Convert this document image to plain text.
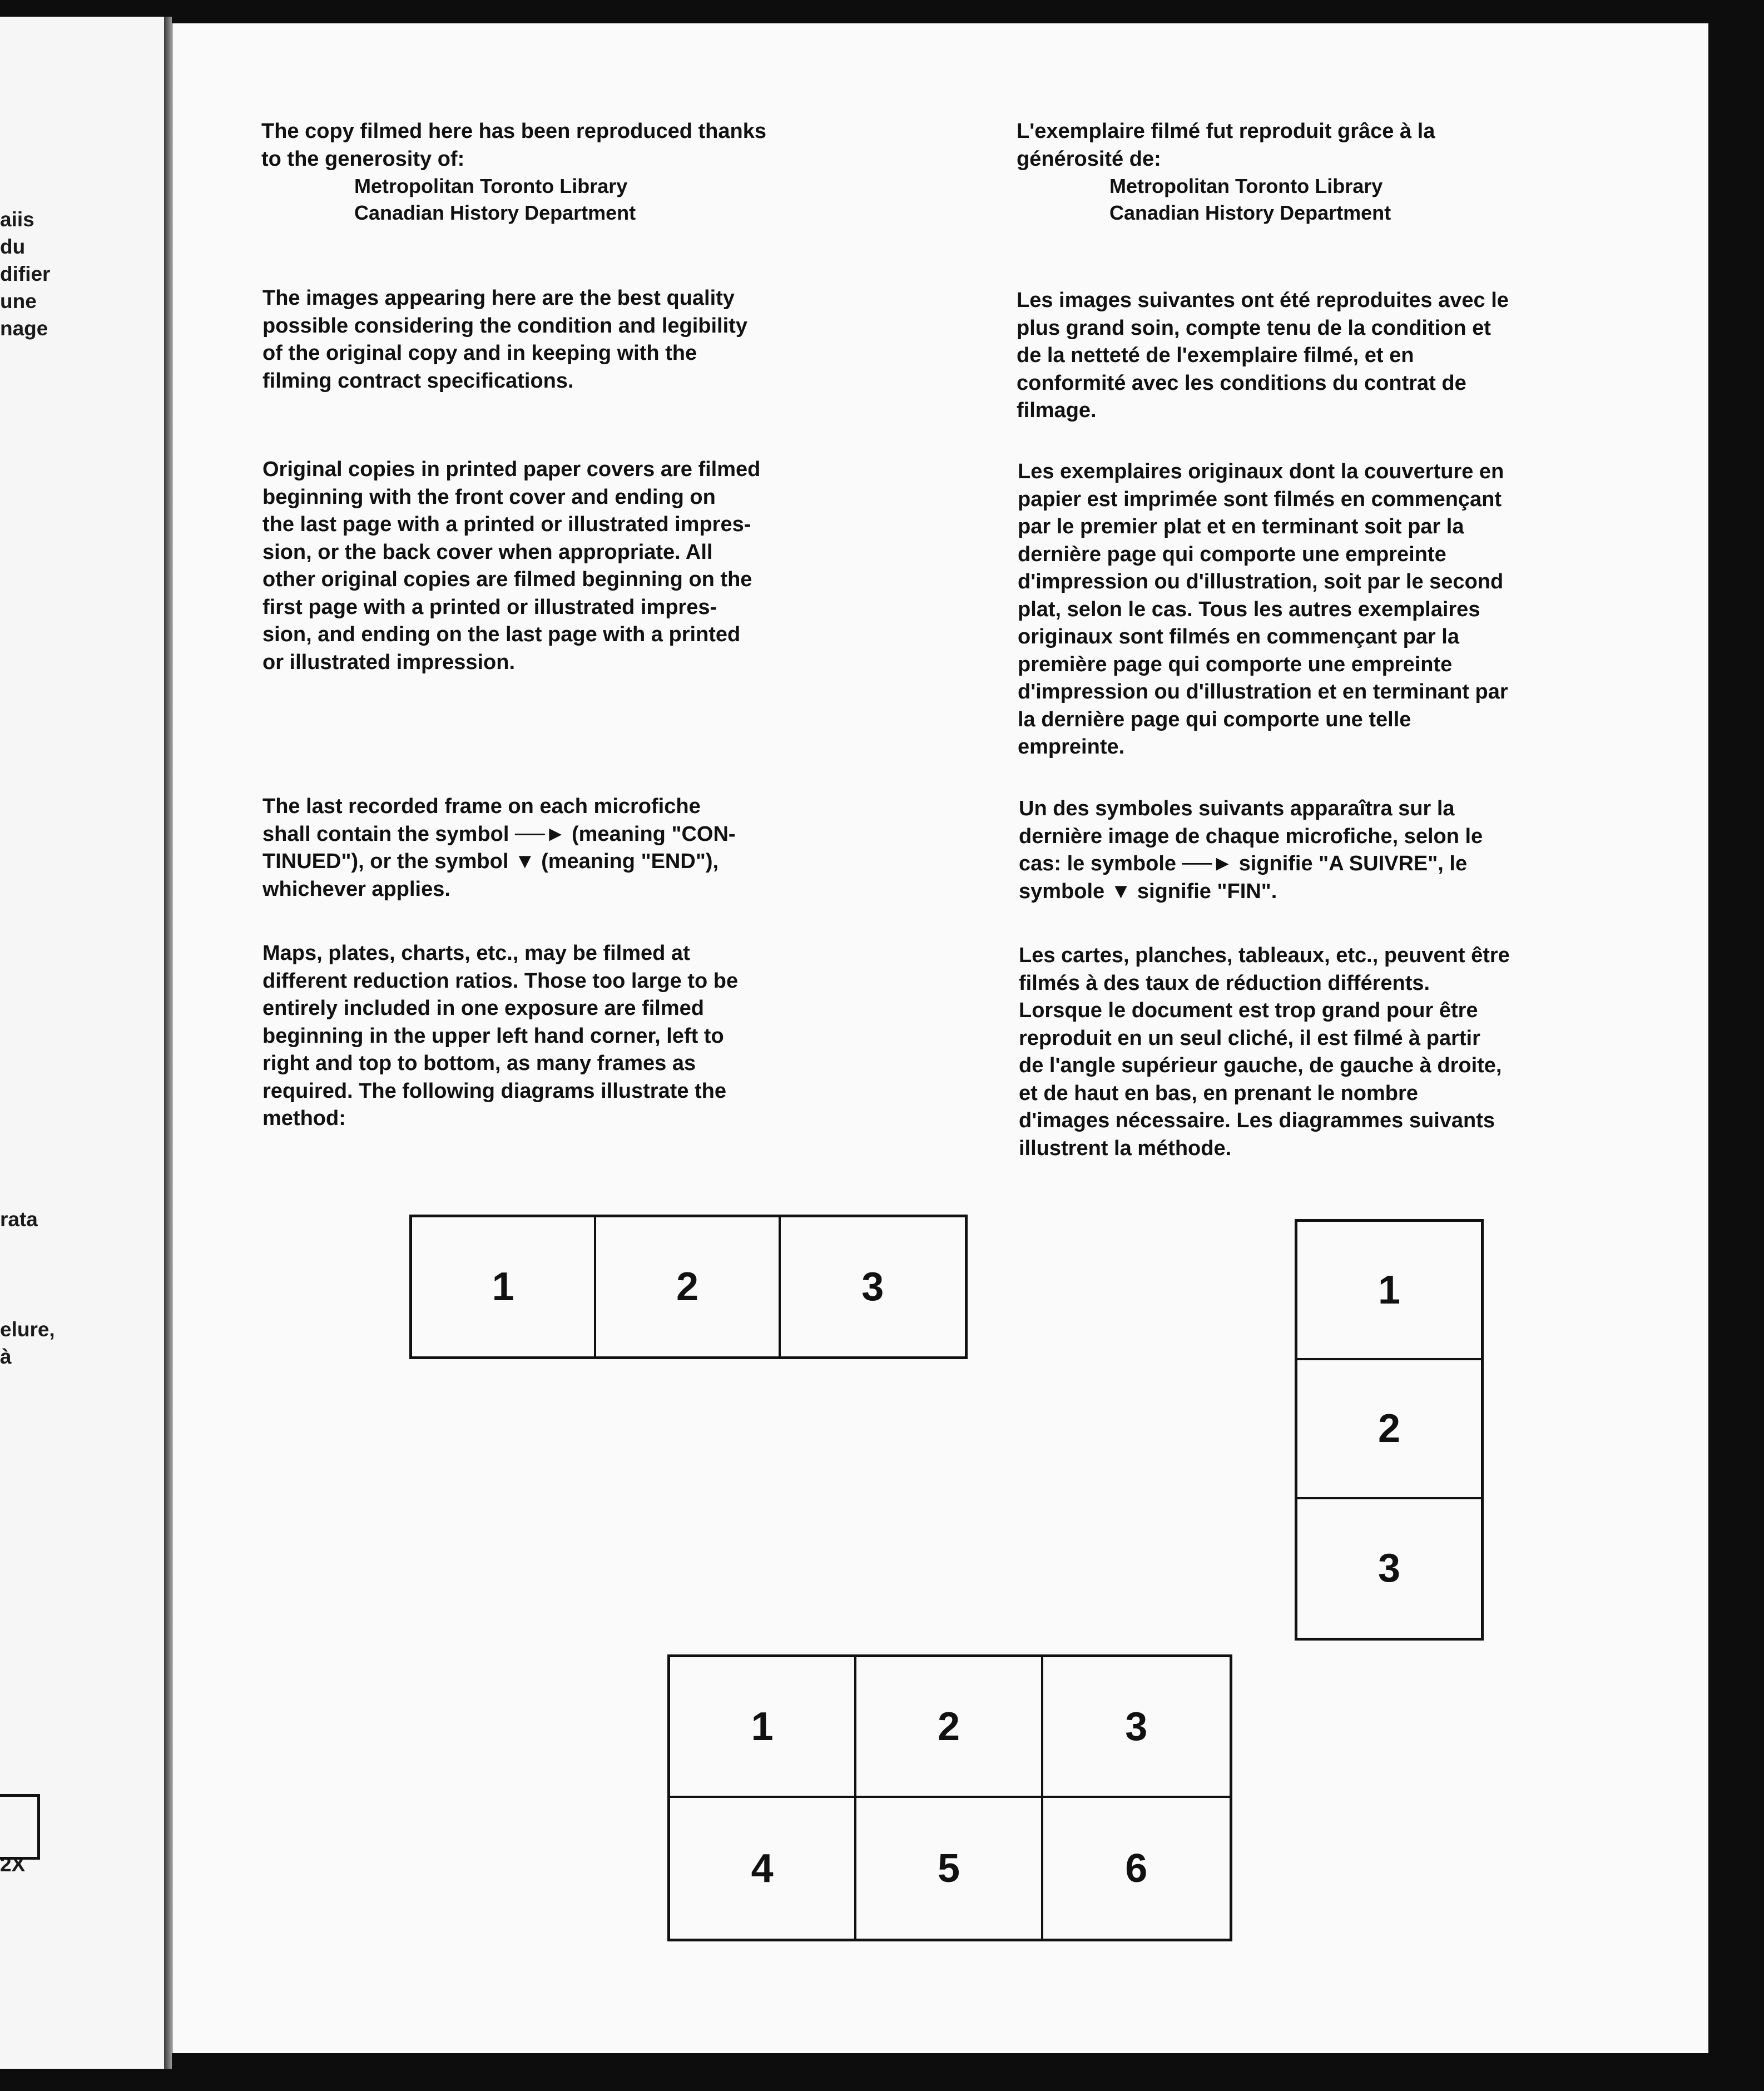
aiis

du

difier

une

nage

rata

elure,

à

2X

The copy filmed here has been reproduced thanks
to the generosity of:

Metropolitan Toronto Library
Canadian History Department

The images appearing here are the best quality
possible considering the condition and legibility
of the original copy and in keeping with the
filming contract specifications.

Original copies in printed paper covers are filmed
beginning with the front cover and ending on
the last page with a printed or illustrated impres-
sion, or the back cover when appropriate. All
other original copies are filmed beginning on the
first page with a printed or illustrated impres-
sion, and ending on the last page with a printed
or illustrated impression.

The last recorded frame on each microfiche
shall contain the symbol ──► (meaning "CON-
TINUED"), or the symbol ▼ (meaning "END"),
whichever applies.

Maps, plates, charts, etc., may be filmed at
different reduction ratios. Those too large to be
entirely included in one exposure are filmed
beginning in the upper left hand corner, left to
right and top to bottom, as many frames as
required. The following diagrams illustrate the
method:

L'exemplaire filmé fut reproduit grâce à la
générosité de:

Metropolitan Toronto Library
Canadian History Department

Les images suivantes ont été reproduites avec le
plus grand soin, compte tenu de la condition et
de la netteté de l'exemplaire filmé, et en
conformité avec les conditions du contrat de
filmage.

Les exemplaires originaux dont la couverture en
papier est imprimée sont filmés en commençant
par le premier plat et en terminant soit par la
dernière page qui comporte une empreinte
d'impression ou d'illustration, soit par le second
plat, selon le cas. Tous les autres exemplaires
originaux sont filmés en commençant par la
première page qui comporte une empreinte
d'impression ou d'illustration et en terminant par
la dernière page qui comporte une telle
empreinte.

Un des symboles suivants apparaîtra sur la
dernière image de chaque microfiche, selon le
cas: le symbole ──► signifie "A SUIVRE", le
symbole ▼ signifie "FIN".

Les cartes, planches, tableaux, etc., peuvent être
filmés à des taux de réduction différents.
Lorsque le document est trop grand pour être
reproduit en un seul cliché, il est filmé à partir
de l'angle supérieur gauche, de gauche à droite,
et de haut en bas, en prenant le nombre
d'images nécessaire. Les diagrammes suivants
illustrent la méthode.

1	2	3	1
2
3
1	2	3
4	5	6
